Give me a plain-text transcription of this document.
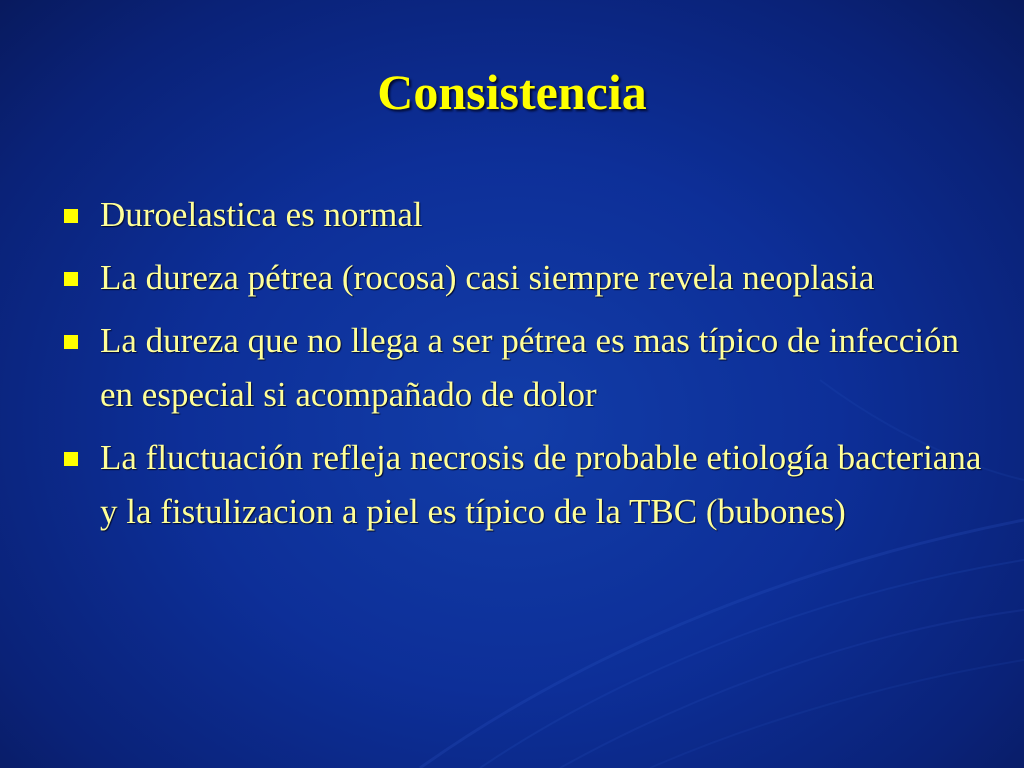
Consistencia
Duroelastica es normal
La dureza pétrea (rocosa) casi siempre revela neoplasia
La dureza que no llega a ser pétrea es mas típico de infección en especial si acompañado de dolor
La fluctuación refleja necrosis de probable etiología bacteriana y la fistulizacion a piel es típico de la TBC (bubones)
